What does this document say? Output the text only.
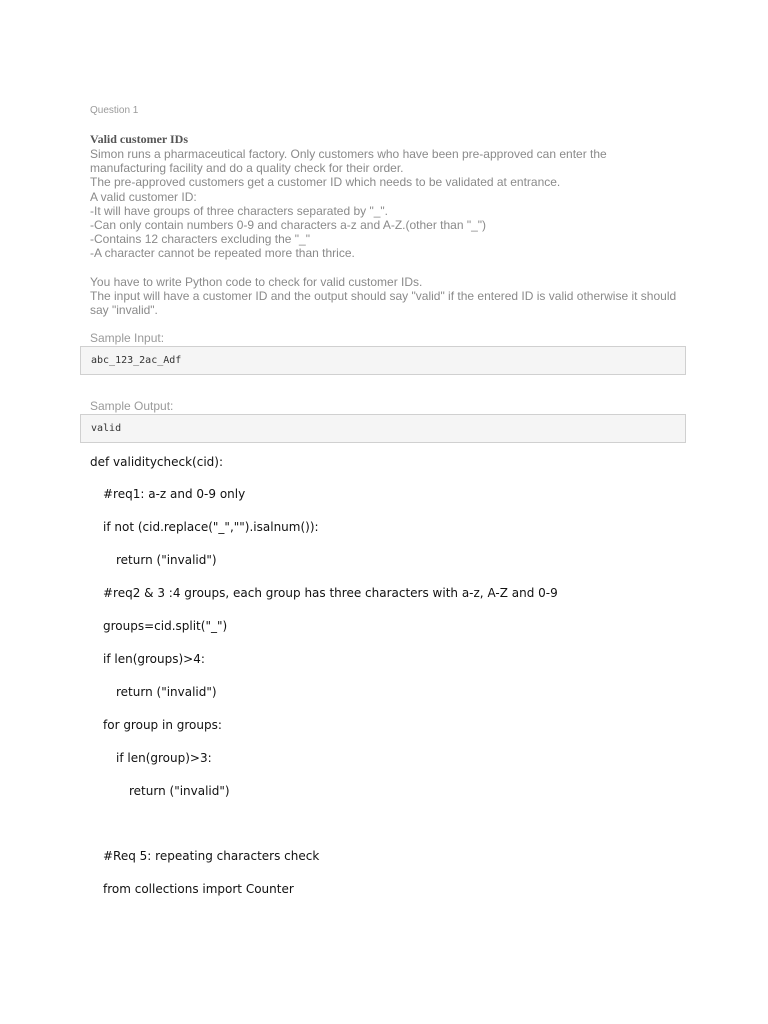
Question 1
Valid customer IDs
Simon runs a pharmaceutical factory. Only customers who have been pre-approved can enter the
manufacturing facility and do a quality check for their order.
The pre-approved customers get a customer ID which needs to be validated at entrance.
A valid customer ID:
-It will have groups of three characters separated by "_".
-Can only contain numbers 0-9 and characters a-z and A-Z.(other than "_")
-Contains 12 characters excluding the "_"
-A character cannot be repeated more than thrice.
You have to write Python code to check for valid customer IDs.
The input will have a customer ID and the output should say "valid" if the entered ID is valid otherwise it should
say "invalid".
Sample Input:
abc_123_2ac_Adf
Sample Output:
valid
def validitycheck(cid):
#req1: a-z and 0-9 only
if not (cid.replace("_","").isalnum()):
return ("invalid")
#req2 & 3 :4 groups, each group has three characters with a-z, A-Z and 0-9
groups=cid.split("_")
if len(groups)>4:
return ("invalid")
for group in groups:
if len(group)>3:
return ("invalid")
#Req 5: repeating characters check
from collections import Counter
